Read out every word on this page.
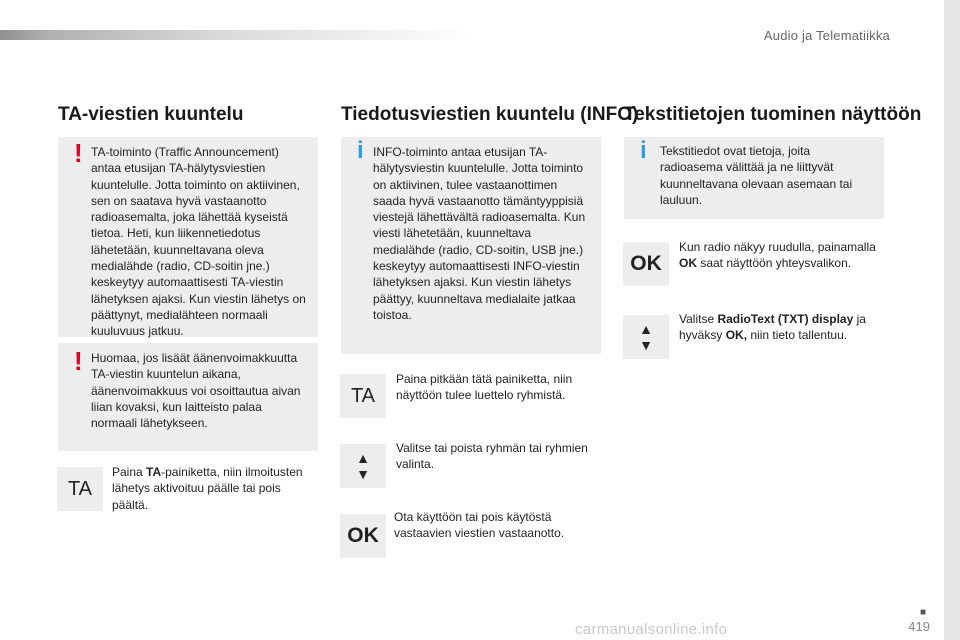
Audio ja Telematiikka
TA-viestien kuuntelu
! TA-toiminto (Traffic Announcement) antaa etusijan TA-hälytysviestien kuuntelulle. Jotta toiminto on aktiivinen, sen on saatava hyvä vastaanotto radioasemalta, joka lähettää kyseistä tietoa. Heti, kun liikennetiedotus lähetetään, kuunneltavana oleva medialähde (radio, CD-soitin jne.) keskeytyy automaattisesti TA-viestin lähetyksen ajaksi. Kun viestin lähetys on päättynyt, medialähteen normaali kuuluvuus jatkuu.

! Huomaa, jos lisäät äänenvoimakkuutta TA-viestin kuuntelun aikana, äänenvoimakkuus voi osoittautua aivan liian kovaksi, kun laitteisto palaa normaali lähetykseen.

TA
Paina TA-painiketta, niin ilmoitusten lähetys aktivoituu päälle tai pois päältä.
Tiedotusviestien kuuntelu (INFO)
i INFO-toiminto antaa etusijan TA-hälytysviestin kuuntelulle. Jotta toiminto on aktiivinen, tulee vastaanottimen saada hyvä vastaanotto tämäntyyppisiä viestejä lähettävältä radioasemalta. Kun viesti lähetetään, kuunneltava medialähde (radio, CD-soitin, USB jne.) keskeytyy automaattisesti INFO-viestin lähetyksen ajaksi. Kun viestin lähetys päättyy, kuunneltava medialaite jatkaa toistoa.

TA
Paina pitkään tätä painiketta, niin näyttöön tulee luettelo ryhmistä.
▲
▼
Valitse tai poista ryhmän tai ryhmien valinta.
OK
Ota käyttöön tai pois käytöstä vastaavien viestien vastaanotto.
Tekstitietojen tuominen näyttöön
i Tekstitiedot ovat tietoja, joita radioasema välittää ja ne liittyvät kuunneltavana olevaan asemaan tai lauluun.

OK
Kun radio näkyy ruudulla, painamalla OK saat näyttöön yhteysvalikon.
▲
▼
Valitse RadioText (TXT) display ja hyväksy OK, niin tieto tallentuu.
■
419
carmanualsonline.info
